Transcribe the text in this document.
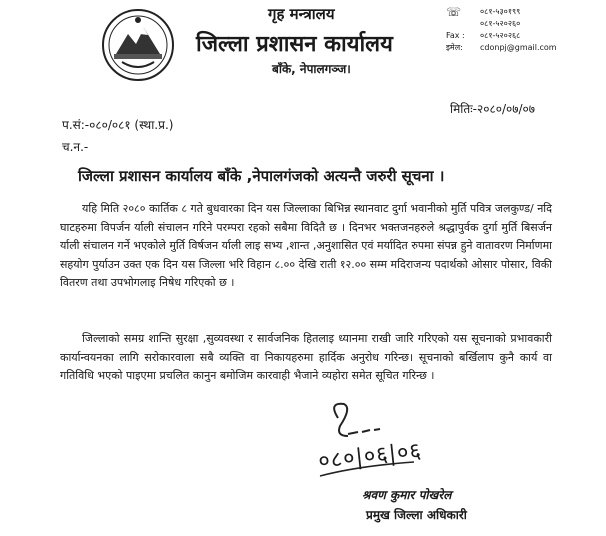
गृह मन्त्रालय
जिल्ला प्रशासन कार्यालय
बाँके, नेपालगञ्ज।
☏	०८१-५३०१९९
०८१-५२०२६०
Fax :	०८१-५२०२६८
इमेल:	cdonpj@gmail.com
प.सं:-०८०/०८१ (स्था.प्र.)
च.न.-
मितिः-२०८०/०७/०७
जिल्ला प्रशासन कार्यालय बाँके ,नेपालगंजको अत्यन्तै जरुरी सूचना ।

यहि मिति २०८० कार्तिक ८ गते बुधवारका दिन यस जिल्लाका बिभिन्न स्थानवाट दुर्गा भवानीको मुर्ति पवित्र जलकुण्ड/ नदि घाटहरुमा विपर्जन र्याली संचालन गरिने परम्परा रहको सबैमा विदितै छ । दिनभर भक्तजनहरुले श्रद्धापुर्वक दुर्गा मुर्ति बिसर्जन र्याली संचालन गर्ने भएकोले मुर्ति विर्षजन र्याली लाइ सभ्य ,शान्त ,अनुशासित एवं मर्यादित रुपमा संपन्न हुने वातावरण निर्माणमा सहयोग पुर्याउन उक्त एक दिन यस जिल्ला भरि विहान ८.०० देखि राती १२.०० सम्म मदिराजन्य पदार्थको ओसार पोसार, विकी वितरण तथा उपभोगलाइ निषेध गरिएको छ ।

जिल्लाको समग्र शान्ति सुरक्षा ,सुव्यवस्था र सार्वजनिक हितलाइ ध्यानमा राखी जारि गरिएको यस सूचनाको प्रभावकारी कार्यान्वयनका लागि सरोकारवाला सबै व्यक्ति वा निकायहरुमा हार्दिक अनुरोध गरिन्छ। सूचनाको बर्खिलाप कुनै कार्य वा गतिविधि भएको पाइएमा प्रचलित कानुन बमोजिम कारवाही भैजाने व्यहोरा समेत सूचित गरिन्छ ।

०८०|०६|०६
श्रवण कुमार पोखरेल
प्रमुख जिल्ला अधिकारी
